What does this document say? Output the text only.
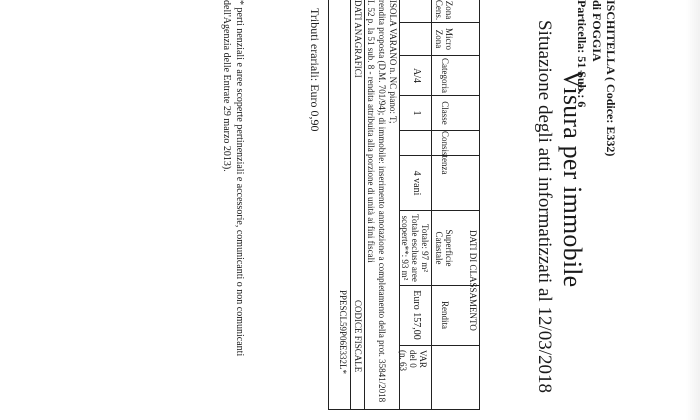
Visura per immobile
Situazione degli atti informatizzati al 12/03/2018	ISCHITELLA ( Codice: E332)
di FOGGIA
Particella: 51 Sub.: 6
DATI DI CLASSAMENTO
Zona
Cens.
Micro
Zona
Categoria
Classe
Consistenza
Superficie
Catastale
Rendita
A/4
1
4 vani
Totale: 97 m²
Totale escluse aree
scoperte**: 93 m²
Euro 157,00
VAR
del 0
(n. 63
ISOLA VARANO n. NC piano: T;
rendita proposta (D.M. 701/94); di immobile: inserimento annotazione a completamento della prot. 35841/2018
I. 52 p. la 51 sub. 8 - rendita attribuita alla porzione di unità ai fini fiscali
DATI ANAGRAFICI
CODICE FISCALE
PPESCL59P06E332L*
Tributi erariali: Euro 0,90
* perti nenziali e aree scoperte pertinenziali e accessorie, comunicanti o non comunicanti
dell'Agenzia delle Entrate 29 marzo 2013).
